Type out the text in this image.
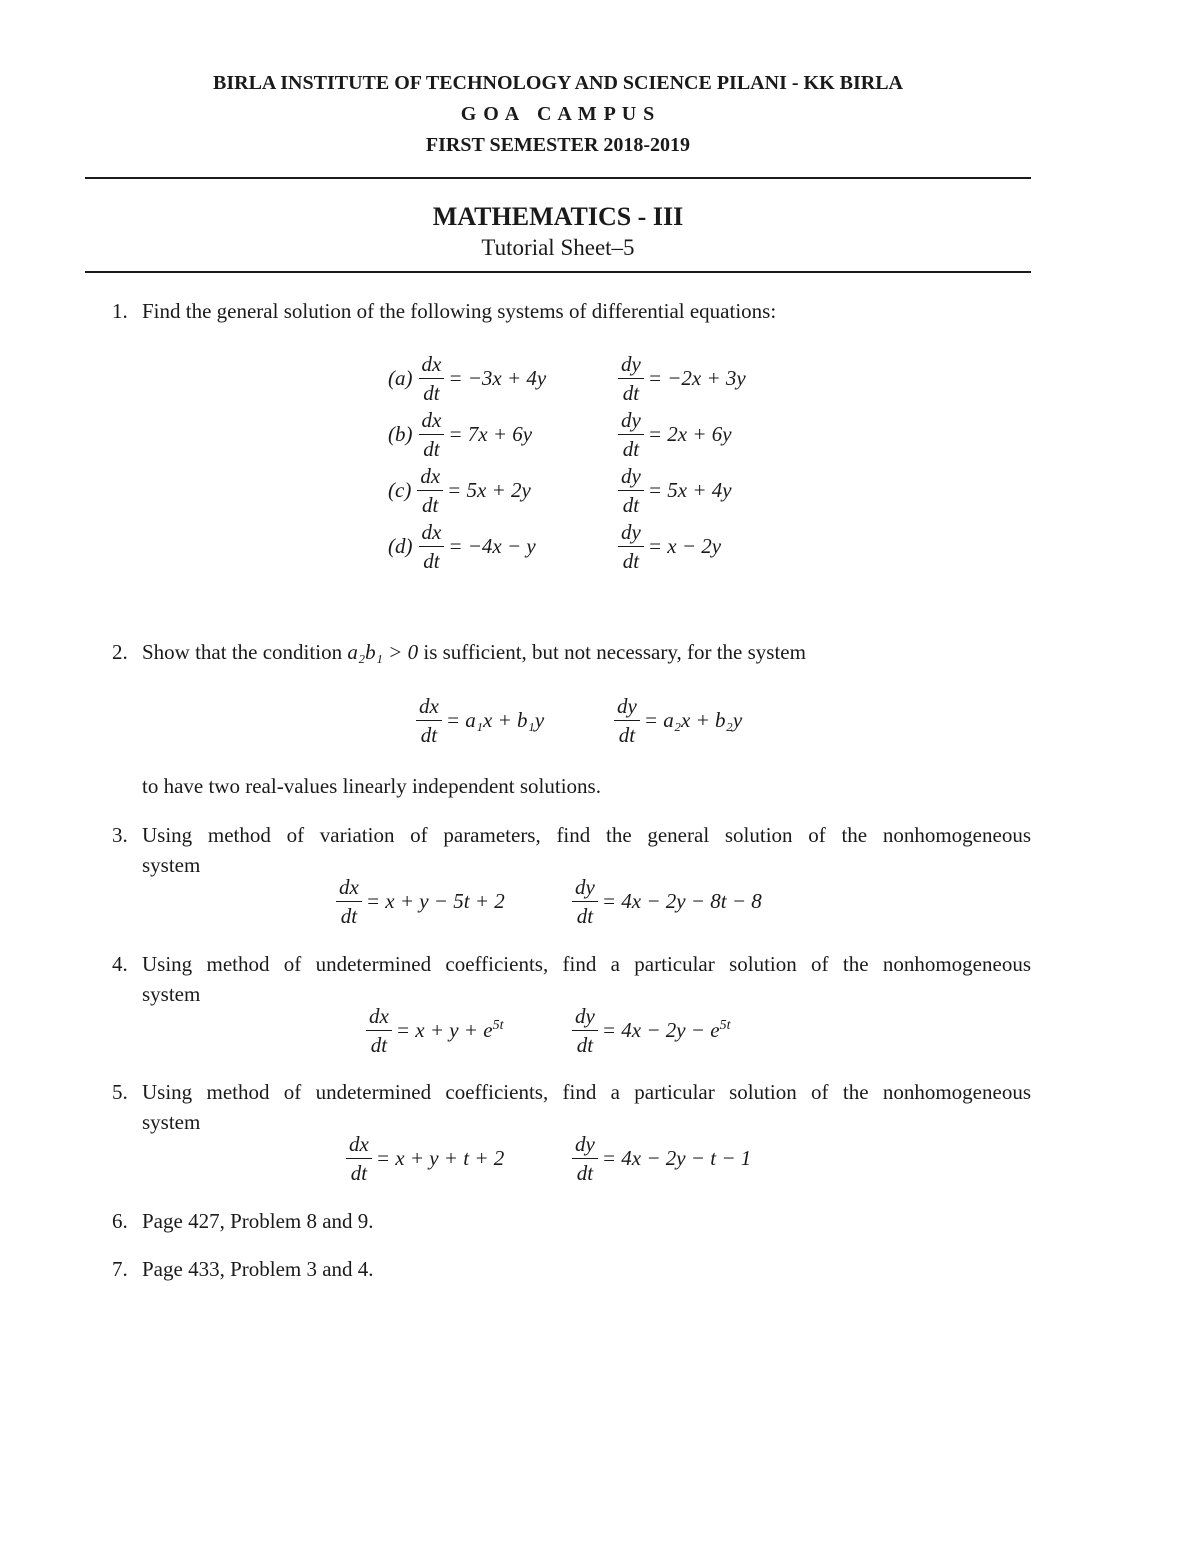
BIRLA INSTITUTE OF TECHNOLOGY AND SCIENCE PILANI - KK BIRLA
G O A   C A M P U S
FIRST SEMESTER 2018-2019
MATHEMATICS - III
Tutorial Sheet–5
1. Find the general solution of the following systems of differential equations:
$(a) \frac{dx}{dt} = -3x + 4y$	$\frac{dy}{dt} = -2x + 3y$
$(b) \frac{dx}{dt} = 7x + 6y$	$\frac{dy}{dt} = 2x + 6y$
$(c) \frac{dx}{dt} = 5x + 2y$	$\frac{dy}{dt} = 5x + 4y$
$(d) \frac{dx}{dt} = -4x - y$	$\frac{dy}{dt} = x - 2y$
2. Show that the condition a₂b₁ > 0 is sufficient, but not necessary, for the system
$\frac{dx}{dt} = a_1x + b_1y$	$\frac{dy}{dt} = a_2x + b_2y$
to have two real-values linearly independent solutions.
3. Using method of variation of parameters, find the general solution of the nonhomogeneous
system
$\frac{dx}{dt} = x + y - 5t + 2$	$\frac{dy}{dt} = 4x - 2y - 8t - 8$
4. Using method of undetermined coefficients, find a particular solution of the nonhomogeneous
system
$\frac{dx}{dt} = x + y + e^{5t}$	$\frac{dy}{dt} = 4x - 2y - e^{5t}$
5. Using method of undetermined coefficients, find a particular solution of the nonhomogeneous
system
$\frac{dx}{dt} = x + y + t + 2$	$\frac{dy}{dt} = 4x - 2y - t - 1$
6. Page 427, Problem 8 and 9.
7. Page 433, Problem 3 and 4.
